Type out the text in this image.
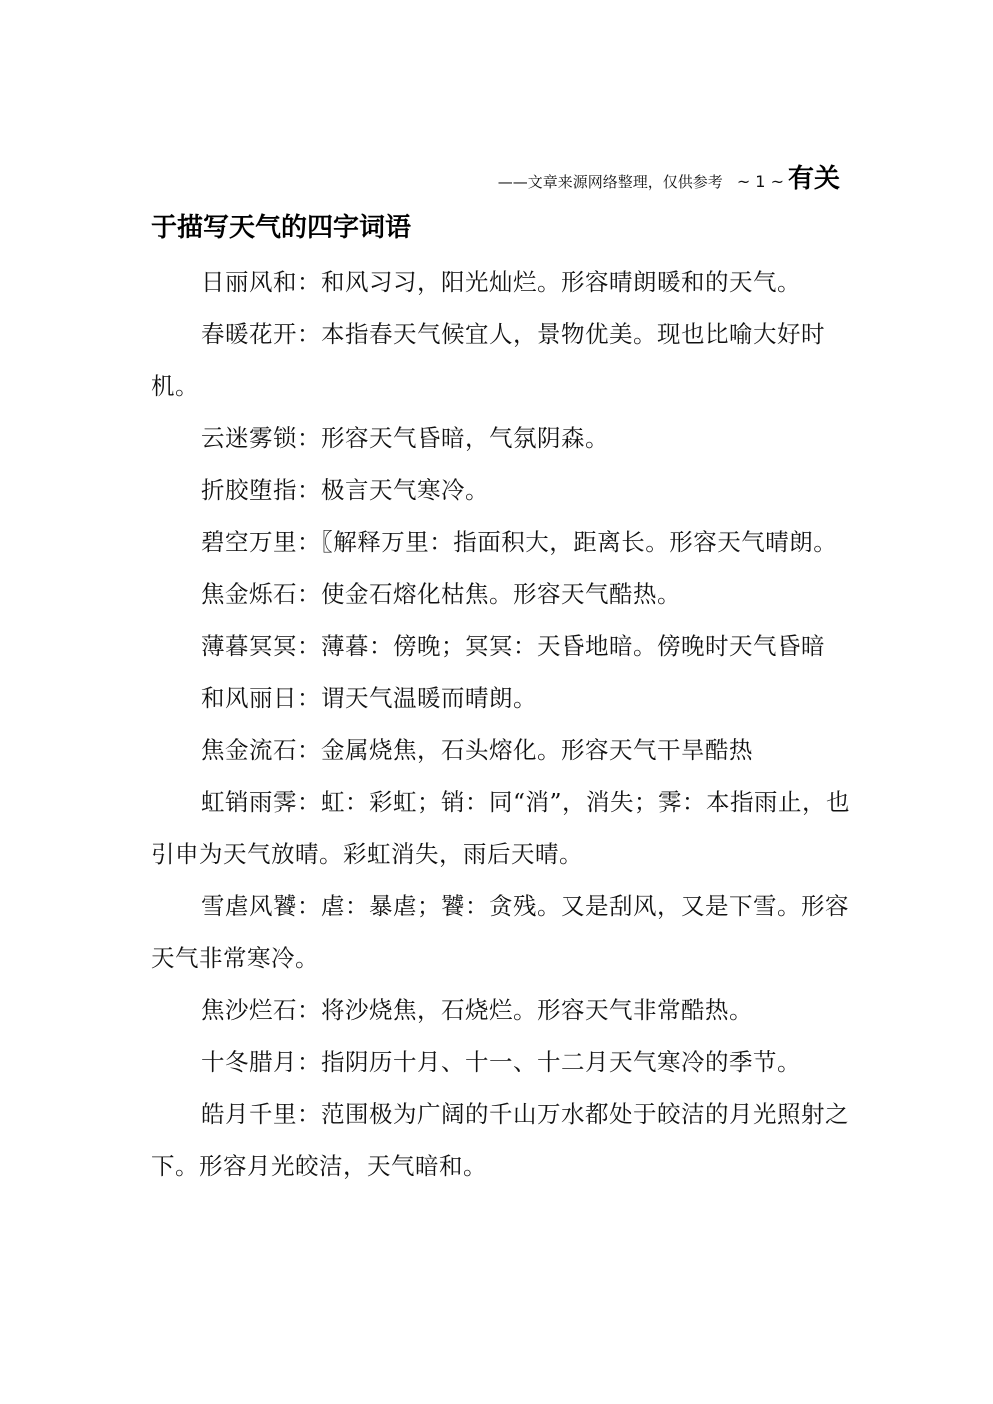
——文章来源网络整理，仅供参考 ~ 1 ~ 有关
于描写天气的四字词语

日丽风和：和风习习，阳光灿烂。形容晴朗暖和的天气。

春暖花开：本指春天气候宜人，景物优美。现也比喻大好时机。

云迷雾锁：形容天气昏暗，气氛阴森。

折胶堕指：极言天气寒冷。

碧空万里：〖解释万里：指面积大，距离长。形容天气晴朗。

焦金烁石：使金石熔化枯焦。形容天气酷热。

薄暮冥冥：薄暮：傍晚；冥冥：天昏地暗。傍晚时天气昏暗

和风丽日：谓天气温暖而晴朗。

焦金流石：金属烧焦，石头熔化。形容天气干旱酷热

虹销雨霁：虹：彩虹；销：同“消”，消失；霁：本指雨止，也引申为天气放晴。彩虹消失，雨后天晴。

雪虐风饕：虐：暴虐；饕：贪残。又是刮风，又是下雪。形容天气非常寒冷。

焦沙烂石：将沙烧焦，石烧烂。形容天气非常酷热。

十冬腊月：指阴历十月、十一、十二月天气寒冷的季节。

皓月千里：范围极为广阔的千山万水都处于皎洁的月光照射之下。形容月光皎洁，天气暗和。
